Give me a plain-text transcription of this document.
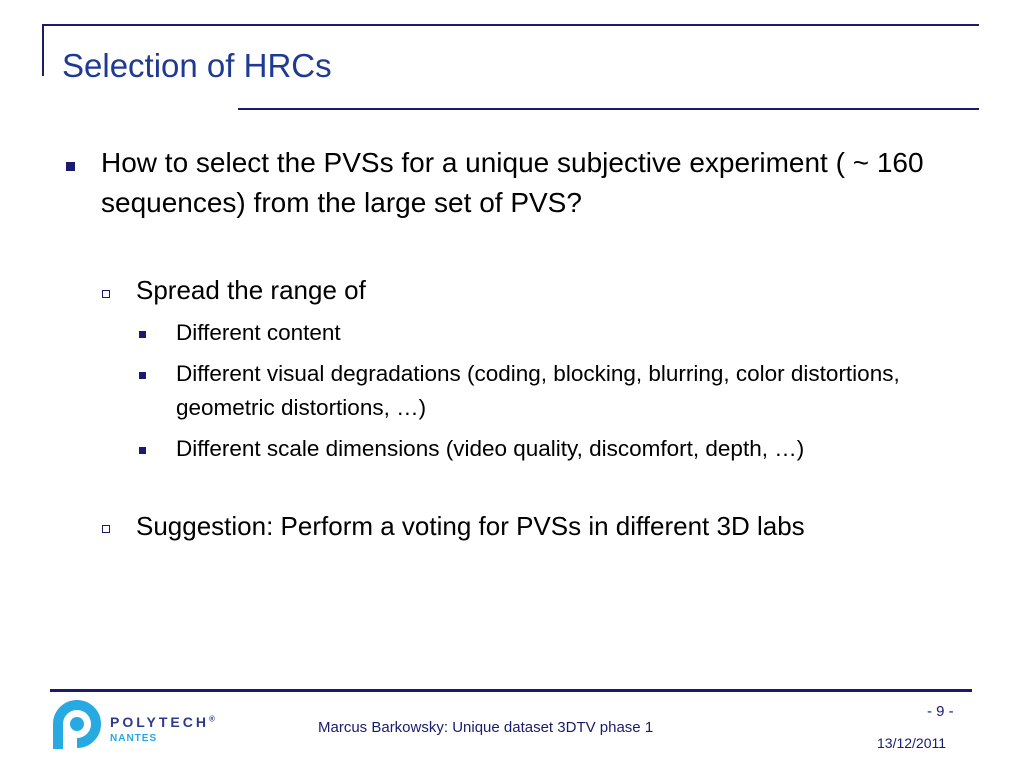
Selection of HRCs
How to select the PVSs for a unique subjective experiment ( ~ 160 sequences) from the large set of PVS?
Spread the range of
Different content
Different visual degradations (coding, blocking, blurring, color distortions, geometric distortions, …)
Different scale dimensions (video quality, discomfort, depth, …)
Suggestion: Perform a voting for PVSs in different 3D labs
POLYTECH®
NANTES
Marcus Barkowsky: Unique dataset 3DTV phase 1
- 9 -
13/12/2011
